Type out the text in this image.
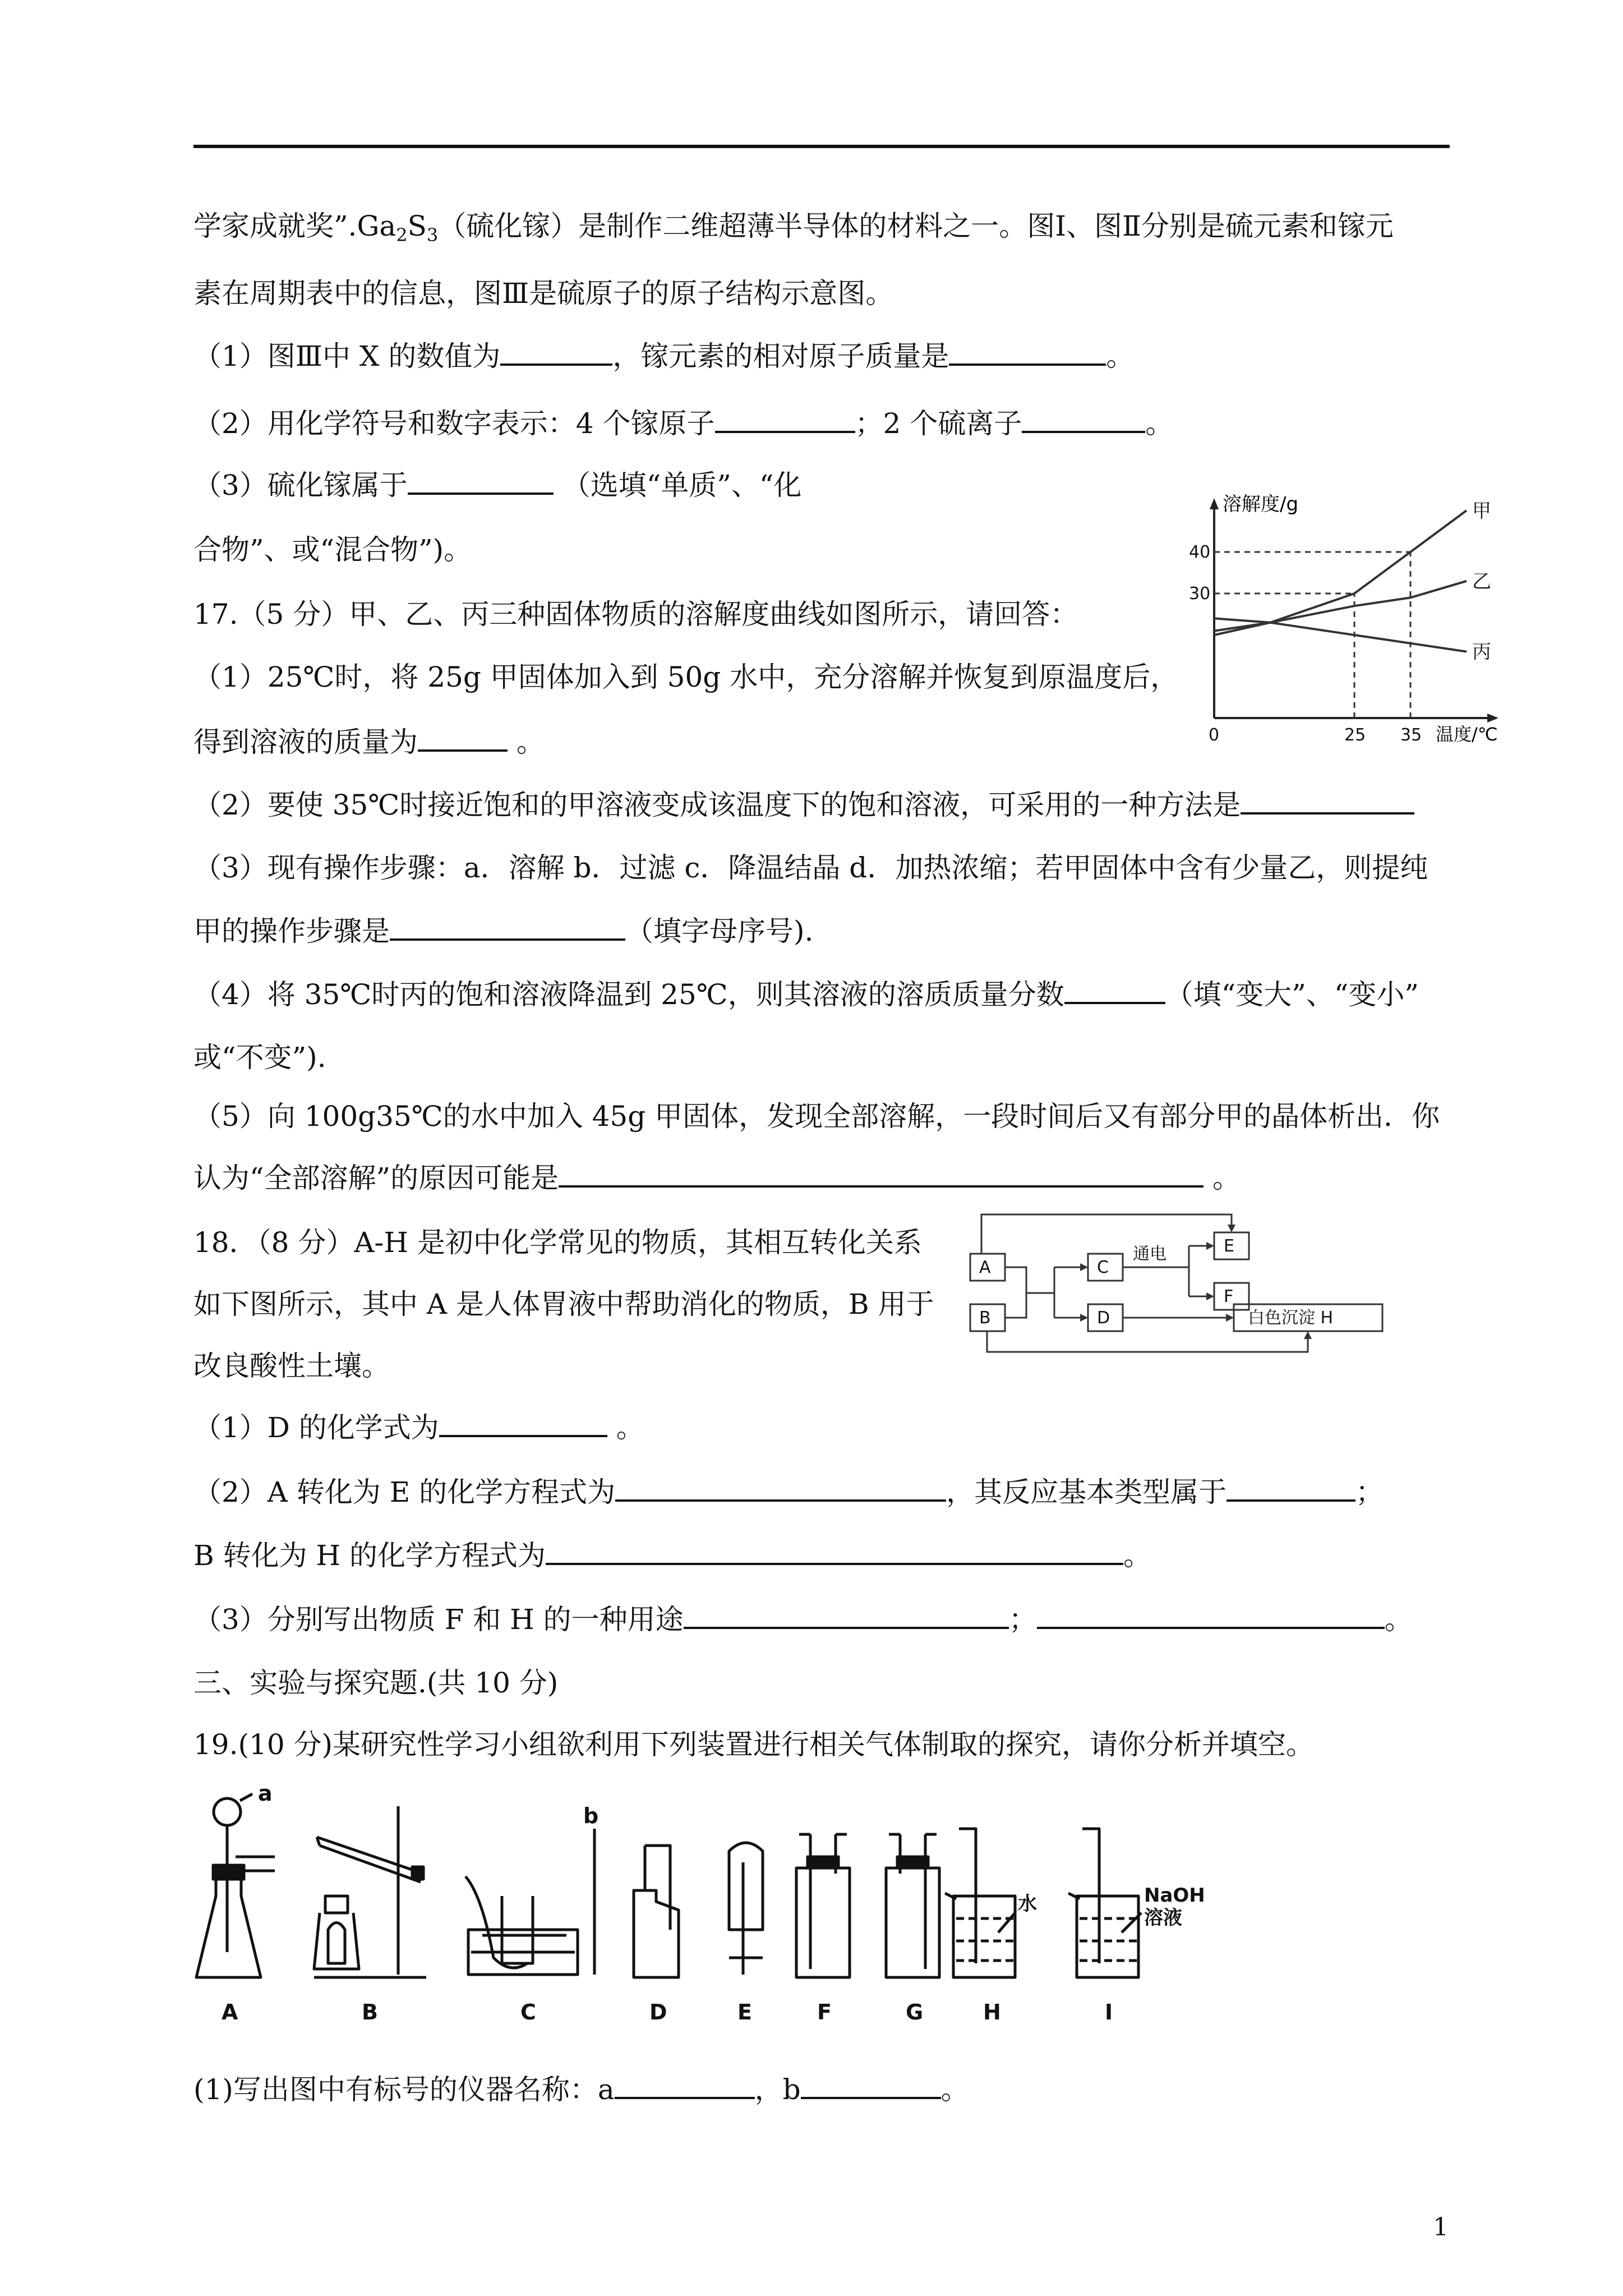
学家成就奖$”.Ga_2S_3$（硫化镓）是制作二维超薄半导体的材料之一。图Ⅰ、图Ⅱ分别是硫元素和镓元
素在周期表中的信息，图Ⅲ是硫原子的原子结构示意图。
（1）图Ⅲ中 X 的数值为	，镓元素的相对原子质量是	。
（2）用化学符号和数字表示：4 个镓原子	；2 个硫离子	。
（3）硫化镓属于	（选填“单质”、“化
合物”、或“混合物”)。
17.（5 分）甲、乙、丙三种固体物质的溶解度曲线如图所示，请回答：
（1）25℃时，将 25g 甲固体加入到 50g 水中，充分溶解并恢复到原温度后，
得到溶液的质量为	。
（2）要使 35℃时接近饱和的甲溶液变成该温度下的饱和溶液，可采用的一种方法是
（3）现有操作步骤：a．溶解 b．过滤 c．降温结晶 d．加热浓缩；若甲固体中含有少量乙，则提纯
甲的操作步骤是	（填字母序号).
（4）将 35℃时丙的饱和溶液降温到 25℃，则其溶液的溶质质量分数	（填“变大”、“变小”
或“不变”).
（5）向 100g35℃的水中加入 45g 甲固体，发现全部溶解，一段时间后又有部分甲的晶体析出．你
认为“全部溶解”的原因可能是	。
18．（8 分）A-H 是初中化学常见的物质，其相互转化关系
如下图所示，其中 A 是人体胃液中帮助消化的物质，B 用于
改良酸性土壤。
（1）D 的化学式为	。
（2）A 转化为 E 的化学方程式为	，其反应基本类型属于	；
B 转化为 H 的化学方程式为	。
（3）分别写出物质 F 和 H 的一种用途	；	。
三、实验与探究题.(共 10 分)
19.(10 分)某研究性学习小组欲利用下列装置进行相关气体制取的探究，请你分析并填空。
(1)写出图中有标号的仪器名称：a	，b	。
甲
乙
丙
0	25 35
30
40
溶解度/g
温度/℃
A
B
C
D
E
F
白色沉淀 H
通电
A	B	C	D	E	F	G	H	I
a
b
水	NaOH
溶液
1
